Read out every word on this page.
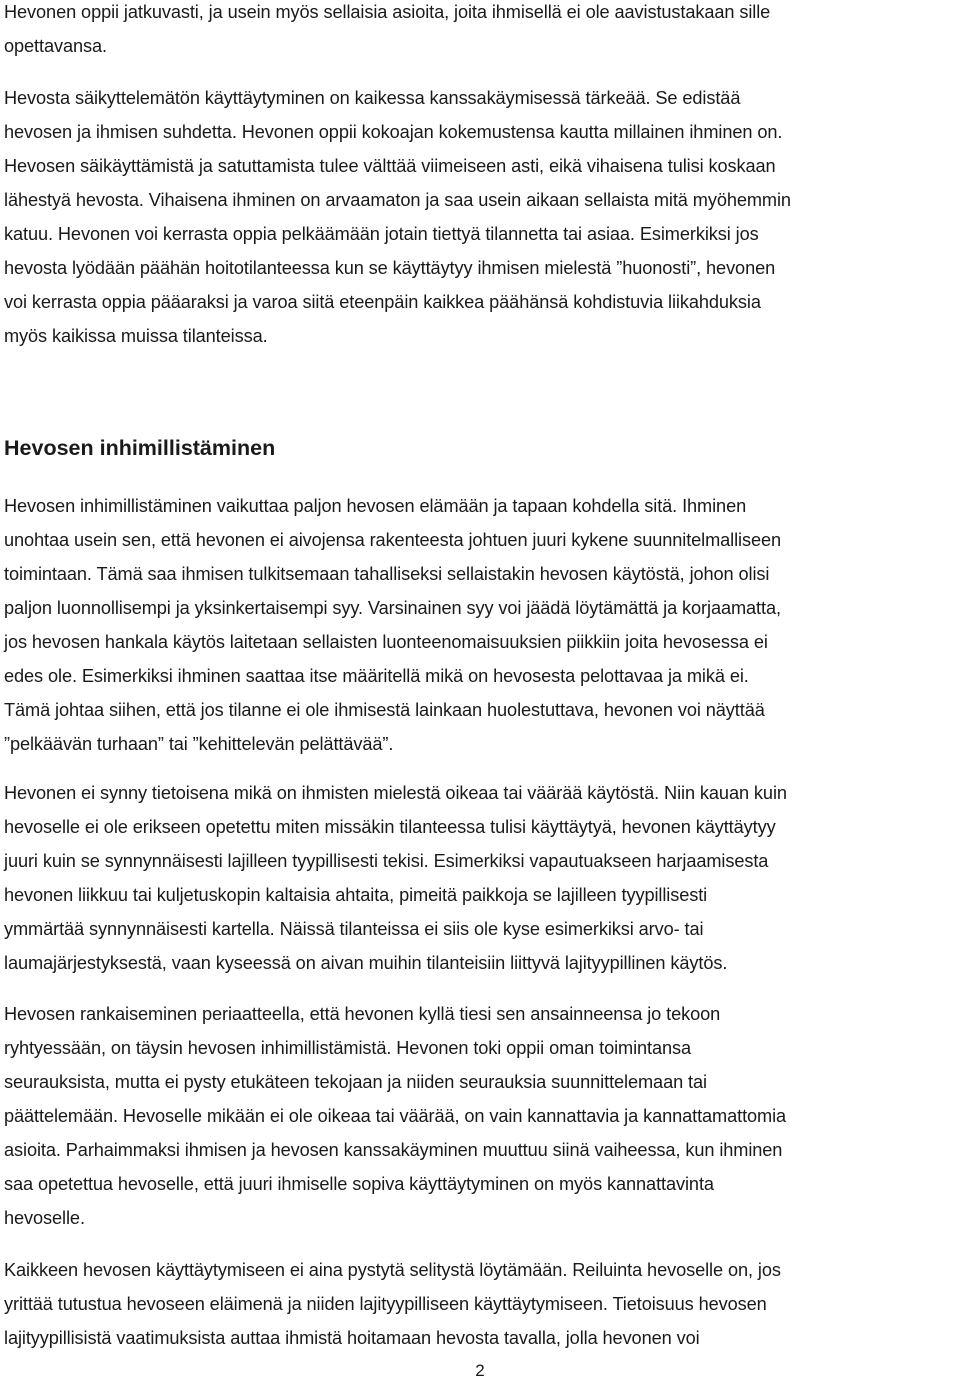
Hevonen oppii jatkuvasti, ja usein myös sellaisia asioita, joita ihmisellä ei ole aavistustakaan sille
opettavansa.

Hevosta säikyttelemätön käyttäytyminen on kaikessa kanssakäymisessä tärkeää. Se edistää
hevosen ja ihmisen suhdetta. Hevonen oppii kokoajan kokemustensa kautta millainen ihminen on.
Hevosen säikäyttämistä ja satuttamista tulee välttää viimeiseen asti, eikä vihaisena tulisi koskaan
lähestyä hevosta. Vihaisena ihminen on arvaamaton ja saa usein aikaan sellaista mitä myöhemmin
katuu. Hevonen voi kerrasta oppia pelkäämään jotain tiettyä tilannetta tai asiaa. Esimerkiksi jos
hevosta lyödään päähän hoitotilanteessa kun se käyttäytyy ihmisen mielestä ”huonosti”, hevonen
voi kerrasta oppia pääaraksi ja varoa siitä eteenpäin kaikkea päähänsä kohdistuvia liikahduksia
myös kaikissa muissa tilanteissa.

Hevosen inhimillistäminen

Hevosen inhimillistäminen vaikuttaa paljon hevosen elämään ja tapaan kohdella sitä. Ihminen
unohtaa usein sen, että hevonen ei aivojensa rakenteesta johtuen juuri kykene suunnitelmalliseen
toimintaan. Tämä saa ihmisen tulkitsemaan tahalliseksi sellaistakin hevosen käytöstä, johon olisi
paljon luonnollisempi ja yksinkertaisempi syy. Varsinainen syy voi jäädä löytämättä ja korjaamatta,
jos hevosen hankala käytös laitetaan sellaisten luonteenomaisuuksien piikkiin joita hevosessa ei
edes ole. Esimerkiksi ihminen saattaa itse määritellä mikä on hevosesta pelottavaa ja mikä ei.
Tämä johtaa siihen, että jos tilanne ei ole ihmisestä lainkaan huolestuttava, hevonen voi näyttää
”pelkäävän turhaan” tai ”kehittelevän pelättävää”.

Hevonen ei synny tietoisena mikä on ihmisten mielestä oikeaa tai väärää käytöstä. Niin kauan kuin
hevoselle ei ole erikseen opetettu miten missäkin tilanteessa tulisi käyttäytyä, hevonen käyttäytyy
juuri kuin se synnynnäisesti lajilleen tyypillisesti tekisi. Esimerkiksi vapautuakseen harjaamisesta
hevonen liikkuu tai kuljetuskopin kaltaisia ahtaita, pimeitä paikkoja se lajilleen tyypillisesti
ymmärtää synnynnäisesti kartella. Näissä tilanteissa ei siis ole kyse esimerkiksi arvo- tai
laumajärjestyksestä, vaan kyseessä on aivan muihin tilanteisiin liittyvä lajityypillinen käytös.

Hevosen rankaiseminen periaatteella, että hevonen kyllä tiesi sen ansainneensa jo tekoon
ryhtyessään, on täysin hevosen inhimillistämistä. Hevonen toki oppii oman toimintansa
seurauksista, mutta ei pysty etukäteen tekojaan ja niiden seurauksia suunnittelemaan tai
päättelemään. Hevoselle mikään ei ole oikeaa tai väärää, on vain kannattavia ja kannattamattomia
asioita. Parhaimmaksi ihmisen ja hevosen kanssakäyminen muuttuu siinä vaiheessa, kun ihminen
saa opetettua hevoselle, että juuri ihmiselle sopiva käyttäytyminen on myös kannattavinta
hevoselle.

Kaikkeen hevosen käyttäytymiseen ei aina pystytä selitystä löytämään. Reiluinta hevoselle on, jos
yrittää tutustua hevoseen eläimenä ja niiden lajityypilliseen käyttäytymiseen. Tietoisuus hevosen
lajityypillisistä vaatimuksista auttaa ihmistä hoitamaan hevosta tavalla, jolla hevonen voi

2
